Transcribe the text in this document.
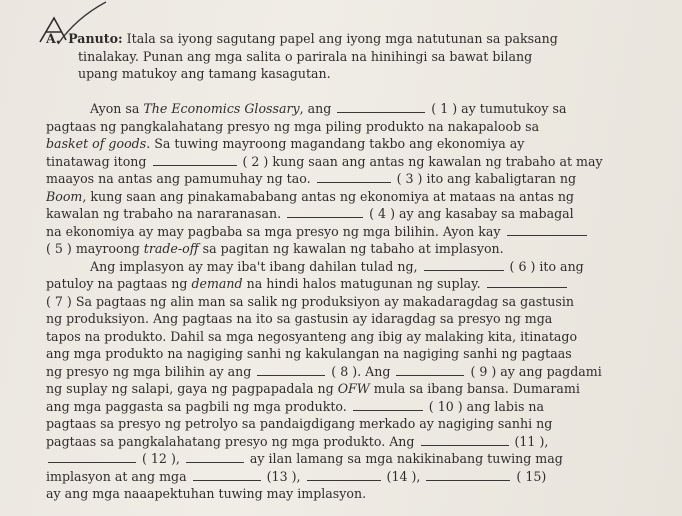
A. Panuto: Itala sa iyong sagutang papel ang iyong mga natutunan sa paksang
tinalakay. Punan ang mga salita o parirala na hinihingi sa bawat bilang
upang matukoy ang tamang kasagutan.
Ayon sa The Economics Glossary, ang	( 1 ) ay tumutukoy sa
pagtaas ng pangkalahatang presyo ng mga piling produkto na nakapaloob sa
basket of goods. Sa tuwing mayroong magandang takbo ang ekonomiya ay
tinatawag itong	( 2 ) kung saan ang antas ng kawalan ng trabaho at may
maayos na antas ang pamumuhay ng tao.	( 3 ) ito ang kabaligtaran ng
Boom, kung saan ang pinakamababang antas ng ekonomiya at mataas na antas ng
kawalan ng trabaho na nararanasan.	( 4 ) ay ang kasabay sa mabagal
na ekonomiya ay may pagbaba sa mga presyo ng mga bilihin. Ayon kay
( 5 ) mayroong trade-off sa pagitan ng kawalan ng tabaho at implasyon.
Ang implasyon ay may iba't ibang dahilan tulad ng,	( 6 ) ito ang
patuloy na pagtaas ng demand na hindi halos matugunan ng suplay.
( 7 ) Sa pagtaas ng alin man sa salik ng produksiyon ay makadaragdag sa gastusin
ng produksiyon. Ang pagtaas na ito sa gastusin ay idaragdag sa presyo ng mga
tapos na produkto. Dahil sa mga negosyanteng ang ibig ay malaking kita, itinatago
ang mga produkto na nagiging sanhi ng kakulangan na nagiging sanhi ng pagtaas
ng presyo ng mga bilihin ay ang	( 8 ). Ang	( 9 ) ay ang pagdami
ng suplay ng salapi, gaya ng pagpapadala ng OFW mula sa ibang bansa. Dumarami
ang mga paggasta sa pagbili ng mga produkto.	( 10 ) ang labis na
pagtaas sa presyo ng petrolyo sa pandaigdigang merkado ay nagiging sanhi ng
pagtaas sa pangkalahatang presyo ng mga produkto. Ang	(11 ),
( 12 ),	ay ilan lamang sa mga nakikinabang tuwing mag
implasyon at ang mga	(13 ),	(14 ),	( 15)
ay ang mga naaapektuhan tuwing may implasyon.
